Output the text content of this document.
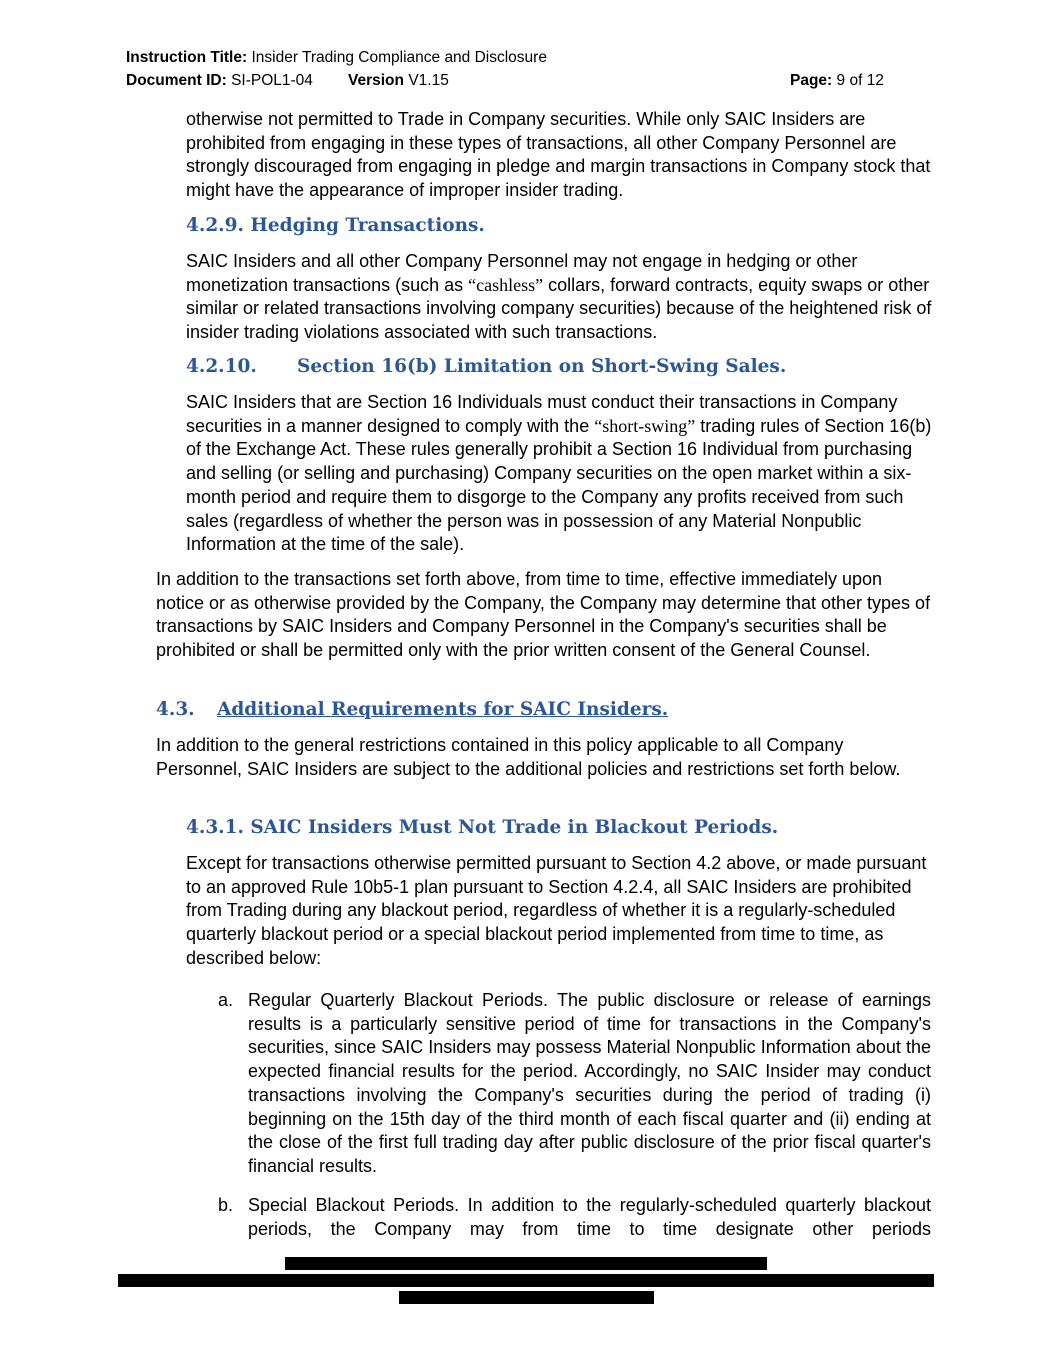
Instruction Title: Insider Trading Compliance and Disclosure
Document ID: SI-POL1-04 Version V1.15	Page: 9 of 12

otherwise not permitted to Trade in Company securities. While only SAIC Insiders are prohibited from engaging in these types of transactions, all other Company Personnel are strongly discouraged from engaging in pledge and margin transactions in Company stock that might have the appearance of improper insider trading.

4.2.9. Hedging Transactions.

SAIC Insiders and all other Company Personnel may not engage in hedging or other monetization transactions (such as “cashless” collars, forward contracts, equity swaps or other similar or related transactions involving company securities) because of the heightened risk of insider trading violations associated with such transactions.

4.2.10. Section 16(b) Limitation on Short-Swing Sales.

SAIC Insiders that are Section 16 Individuals must conduct their transactions in Company securities in a manner designed to comply with the “short-swing” trading rules of Section 16(b) of the Exchange Act. These rules generally prohibit a Section 16 Individual from purchasing and selling (or selling and purchasing) Company securities on the open market within a six-month period and require them to disgorge to the Company any profits received from such sales (regardless of whether the person was in possession of any Material Nonpublic Information at the time of the sale).

In addition to the transactions set forth above, from time to time, effective immediately upon notice or as otherwise provided by the Company, the Company may determine that other types of transactions by SAIC Insiders and Company Personnel in the Company's securities shall be prohibited or shall be permitted only with the prior written consent of the General Counsel.

4.3. Additional Requirements for SAIC Insiders.

In addition to the general restrictions contained in this policy applicable to all Company Personnel, SAIC Insiders are subject to the additional policies and restrictions set forth below.

4.3.1. SAIC Insiders Must Not Trade in Blackout Periods.

Except for transactions otherwise permitted pursuant to Section 4.2 above, or made pursuant to an approved Rule 10b5-1 plan pursuant to Section 4.2.4, all SAIC Insiders are prohibited from Trading during any blackout period, regardless of whether it is a regularly-scheduled quarterly blackout period or a special blackout period implemented from time to time, as described below:

a. Regular Quarterly Blackout Periods. The public disclosure or release of earnings results is a particularly sensitive period of time for transactions in the Company's securities, since SAIC Insiders may possess Material Nonpublic Information about the expected financial results for the period. Accordingly, no SAIC Insider may conduct transactions involving the Company's securities during the period of trading (i) beginning on the 15th day of the third month of each fiscal quarter and (ii) ending at the close of the first full trading day after public disclosure of the prior fiscal quarter's financial results.

b. Special Blackout Periods. In addition to the regularly-scheduled quarterly blackout periods, the Company may from time to time designate other periods
